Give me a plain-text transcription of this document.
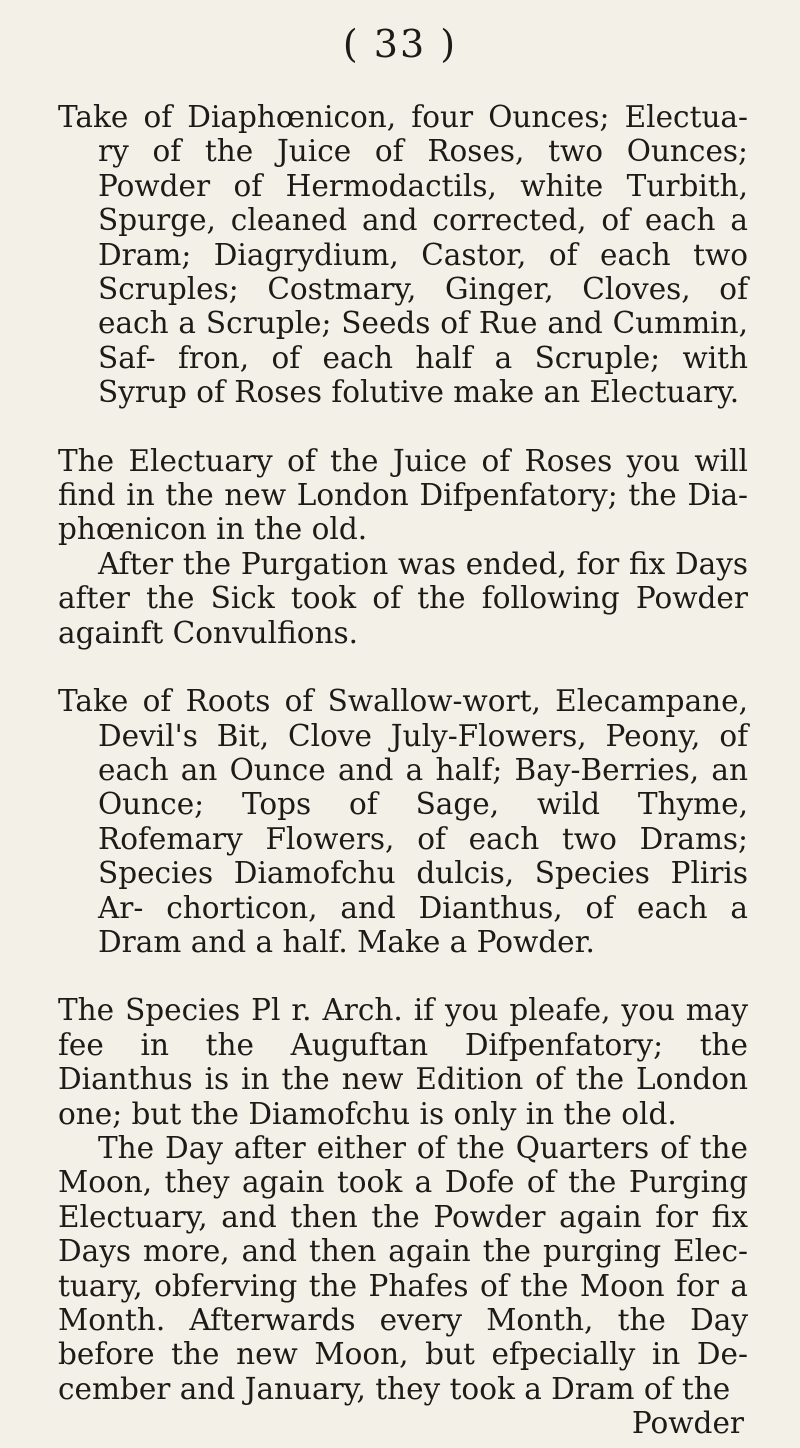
( 33 )

Take of Diaphœnicon, four Ounces; Electua- ry of the Juice of Roses, two Ounces; Powder of Hermodactils, white Turbith, Spurge, cleaned and corrected, of each a Dram; Diagrydium, Castor, of each two Scruples; Costmary, Ginger, Cloves, of each a Scruple; Seeds of Rue and Cummin, Saf- fron, of each half a Scruple; with Syrup of Roses folutive make an Electuary.

The Electuary of the Juice of Roses you will find in the new London Difpenfatory; the Dia- phœnicon in the old.

After the Purgation was ended, for fix Days after the Sick took of the following Powder againft Convulfions.

Take of Roots of Swallow-wort, Elecampane, Devil's Bit, Clove July-Flowers, Peony, of each an Ounce and a half; Bay-Berries, an Ounce; Tops of Sage, wild Thyme, Rofemary Flowers, of each two Drams; Species Diamofchu dulcis, Species Pliris Ar- chorticon, and Dianthus, of each a Dram and a half. Make a Powder.

The Species Pl r. Arch. if you pleafe, you may fee in the Auguftan Difpenfatory; the Dianthus is in the new Edition of the London one; but the Diamofchu is only in the old.

The Day after either of the Quarters of the Moon, they again took a Dofe of the Purging Electuary, and then the Powder again for fix Days more, and then again the purging Elec- tuary, obferving the Phafes of the Moon for a Month. Afterwards every Month, the Day before the new Moon, but efpecially in De- cember and January, they took a Dram of the

Powder
